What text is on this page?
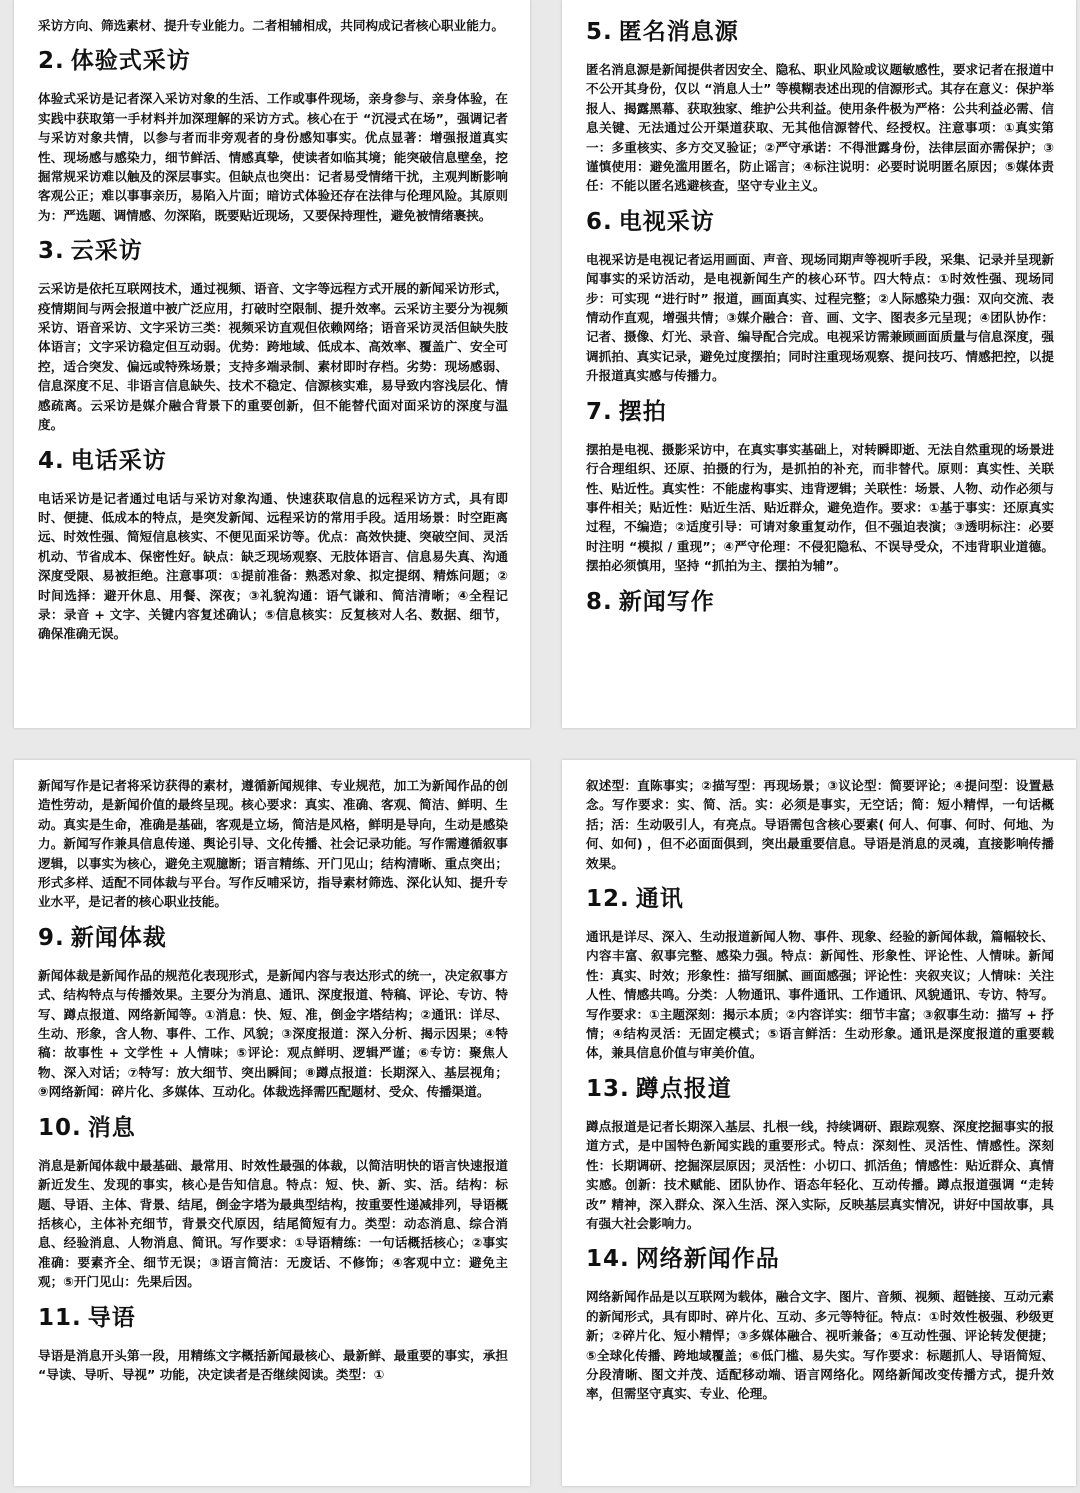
采访方向、筛选素材、提升专业能力。二者相辅相成，共同构成记者核心职业能力。

2. 体验式采访

体验式采访是记者深入采访对象的生活、工作或事件现场，亲身参与、亲身体验，在实践中获取第一手材料并加深理解的采访方式。核心在于 “沉浸式在场”，强调记者与采访对象共情，以参与者而非旁观者的身份感知事实。优点显著：增强报道真实性、现场感与感染力，细节鲜活、情感真挚，使读者如临其境；能突破信息壁垒，挖掘常规采访难以触及的深层事实。但缺点也突出：记者易受情绪干扰，主观判断影响客观公正；难以事事亲历，易陷入片面；暗访式体验还存在法律与伦理风险。其原则为：严选题、调情感、勿深陷，既要贴近现场，又要保持理性，避免被情绪裹挟。

3. 云采访

云采访是依托互联网技术，通过视频、语音、文字等远程方式开展的新闻采访形式，疫情期间与两会报道中被广泛应用，打破时空限制、提升效率。云采访主要分为视频采访、语音采访、文字采访三类：视频采访直观但依赖网络；语音采访灵活但缺失肢体语言；文字采访稳定但互动弱。优势：跨地域、低成本、高效率、覆盖广、安全可控，适合突发、偏远或特殊场景；支持多端录制、素材即时存档。劣势：现场感弱、信息深度不足、非语言信息缺失、技术不稳定、信源核实难，易导致内容浅层化、情感疏离。云采访是媒介融合背景下的重要创新，但不能替代面对面采访的深度与温度。

4. 电话采访

电话采访是记者通过电话与采访对象沟通、快速获取信息的远程采访方式，具有即时、便捷、低成本的特点，是突发新闻、远程采访的常用手段。适用场景：时空距离远、时效性强、简短信息核实、不便见面采访等。优点：高效快捷、突破空间、灵活机动、节省成本、保密性好。缺点：缺乏现场观察、无肢体语言、信息易失真、沟通深度受限、易被拒绝。注意事项：①提前准备：熟悉对象、拟定提纲、精炼问题；②时间选择：避开休息、用餐、深夜；③礼貌沟通：语气谦和、简洁清晰；④全程记录：录音 + 文字、关键内容复述确认；⑤信息核实：反复核对人名、数据、细节，确保准确无误。

5. 匿名消息源

匿名消息源是新闻提供者因安全、隐私、职业风险或议题敏感性，要求记者在报道中不公开其身份，仅以 “消息人士” 等模糊表述出现的信源形式。其存在意义：保护举报人、揭露黑幕、获取独家、维护公共利益。使用条件极为严格：公共利益必需、信息关键、无法通过公开渠道获取、无其他信源替代、经授权。注意事项：①真实第一：多重核实、多方交叉验证；②严守承诺：不得泄露身份，法律层面亦需保护；③谨慎使用：避免滥用匿名，防止谣言；④标注说明：必要时说明匿名原因；⑤媒体责任：不能以匿名逃避核查，坚守专业主义。

6. 电视采访

电视采访是电视记者运用画面、声音、现场同期声等视听手段，采集、记录并呈现新闻事实的采访活动，是电视新闻生产的核心环节。四大特点：①时效性强、现场同步：可实现 “进行时” 报道，画面真实、过程完整；②人际感染力强：双向交流、表情动作直观，增强共情；③媒介融合：音、画、文字、图表多元呈现；④团队协作：记者、摄像、灯光、录音、编导配合完成。电视采访需兼顾画面质量与信息深度，强调抓拍、真实记录，避免过度摆拍；同时注重现场观察、提问技巧、情感把控，以提升报道真实感与传播力。

7. 摆拍

摆拍是电视、摄影采访中，在真实事实基础上，对转瞬即逝、无法自然重现的场景进行合理组织、还原、拍摄的行为，是抓拍的补充，而非替代。原则：真实性、关联性、贴近性。真实性：不能虚构事实、违背逻辑；关联性：场景、人物、动作必须与事件相关；贴近性：贴近生活、贴近群众，避免造作。要求：①基于事实：还原真实过程，不编造；②适度引导：可请对象重复动作，但不强迫表演；③透明标注：必要时注明 “模拟 / 重现”；④严守伦理：不侵犯隐私、不误导受众，不违背职业道德。摆拍必须慎用，坚持 “抓拍为主、摆拍为辅”。

8. 新闻写作

新闻写作是记者将采访获得的素材，遵循新闻规律、专业规范，加工为新闻作品的创造性劳动，是新闻价值的最终呈现。核心要求：真实、准确、客观、简洁、鲜明、生动。真实是生命，准确是基础，客观是立场，简洁是风格，鲜明是导向，生动是感染力。新闻写作兼具信息传递、舆论引导、文化传播、社会记录功能。写作需遵循叙事逻辑，以事实为核心，避免主观臆断；语言精练、开门见山；结构清晰、重点突出；形式多样、适配不同体裁与平台。写作反哺采访，指导素材筛选、深化认知、提升专业水平，是记者的核心职业技能。

9. 新闻体裁

新闻体裁是新闻作品的规范化表现形式，是新闻内容与表达形式的统一，决定叙事方式、结构特点与传播效果。主要分为消息、通讯、深度报道、特稿、评论、专访、特写、蹲点报道、网络新闻等。①消息：快、短、准，倒金字塔结构；②通讯：详尽、生动、形象，含人物、事件、工作、风貌；③深度报道：深入分析、揭示因果；④特稿：故事性 + 文学性 + 人情味；⑤评论：观点鲜明、逻辑严谨；⑥专访：聚焦人物、深入对话；⑦特写：放大细节、突出瞬间；⑧蹲点报道：长期深入、基层视角；⑨网络新闻：碎片化、多媒体、互动化。体裁选择需匹配题材、受众、传播渠道。

10. 消息

消息是新闻体裁中最基础、最常用、时效性最强的体裁，以简洁明快的语言快速报道新近发生、发现的事实，核心是告知信息。特点：短、快、新、实、活。结构：标题、导语、主体、背景、结尾，倒金字塔为最典型结构，按重要性递减排列，导语概括核心，主体补充细节，背景交代原因，结尾简短有力。类型：动态消息、综合消息、经验消息、人物消息、简讯。写作要求：①导语精练：一句话概括核心；②事实准确：要素齐全、细节无误；③语言简洁：无废话、不修饰；④客观中立：避免主观；⑤开门见山：先果后因。

11. 导语

导语是消息开头第一段，用精练文字概括新闻最核心、最新鲜、最重要的事实，承担 “导读、导听、导视” 功能，决定读者是否继续阅读。类型：①

叙述型：直陈事实；②描写型：再现场景；③议论型：简要评论；④提问型：设置悬念。写作要求：实、简、活。实：必须是事实，无空话；简：短小精悍，一句话概括；活：生动吸引人，有亮点。导语需包含核心要素( 何人、何事、何时、何地、为何、如何) ，但不必面面俱到，突出最重要信息。导语是消息的灵魂，直接影响传播效果。

12. 通讯

通讯是详尽、深入、生动报道新闻人物、事件、现象、经验的新闻体裁，篇幅较长、内容丰富、叙事完整、感染力强。特点：新闻性、形象性、评论性、人情味。新闻性：真实、时效；形象性：描写细腻、画面感强；评论性：夹叙夹议；人情味：关注人性、情感共鸣。分类：人物通讯、事件通讯、工作通讯、风貌通讯、专访、特写。写作要求：①主题深刻：揭示本质；②内容详实：细节丰富；③叙事生动：描写 + 抒情；④结构灵活：无固定模式；⑤语言鲜活：生动形象。通讯是深度报道的重要载体，兼具信息价值与审美价值。

13. 蹲点报道

蹲点报道是记者长期深入基层、扎根一线，持续调研、跟踪观察、深度挖掘事实的报道方式，是中国特色新闻实践的重要形式。特点：深刻性、灵活性、情感性。深刻性：长期调研、挖掘深层原因；灵活性：小切口、抓活鱼；情感性：贴近群众、真情实感。创新：技术赋能、团队协作、语态年轻化、互动传播。蹲点报道强调 “走转改” 精神，深入群众、深入生活、深入实际，反映基层真实情况，讲好中国故事，具有强大社会影响力。

14. 网络新闻作品

网络新闻作品是以互联网为载体，融合文字、图片、音频、视频、超链接、互动元素的新闻形式，具有即时、碎片化、互动、多元等特征。特点：①时效性极强、秒级更新；②碎片化、短小精悍；③多媒体融合、视听兼备；④互动性强、评论转发便捷；⑤全球化传播、跨地域覆盖；⑥低门槛、易失实。写作要求：标题抓人、导语简短、分段清晰、图文并茂、适配移动端、语言网络化。网络新闻改变传播方式，提升效率，但需坚守真实、专业、伦理。
